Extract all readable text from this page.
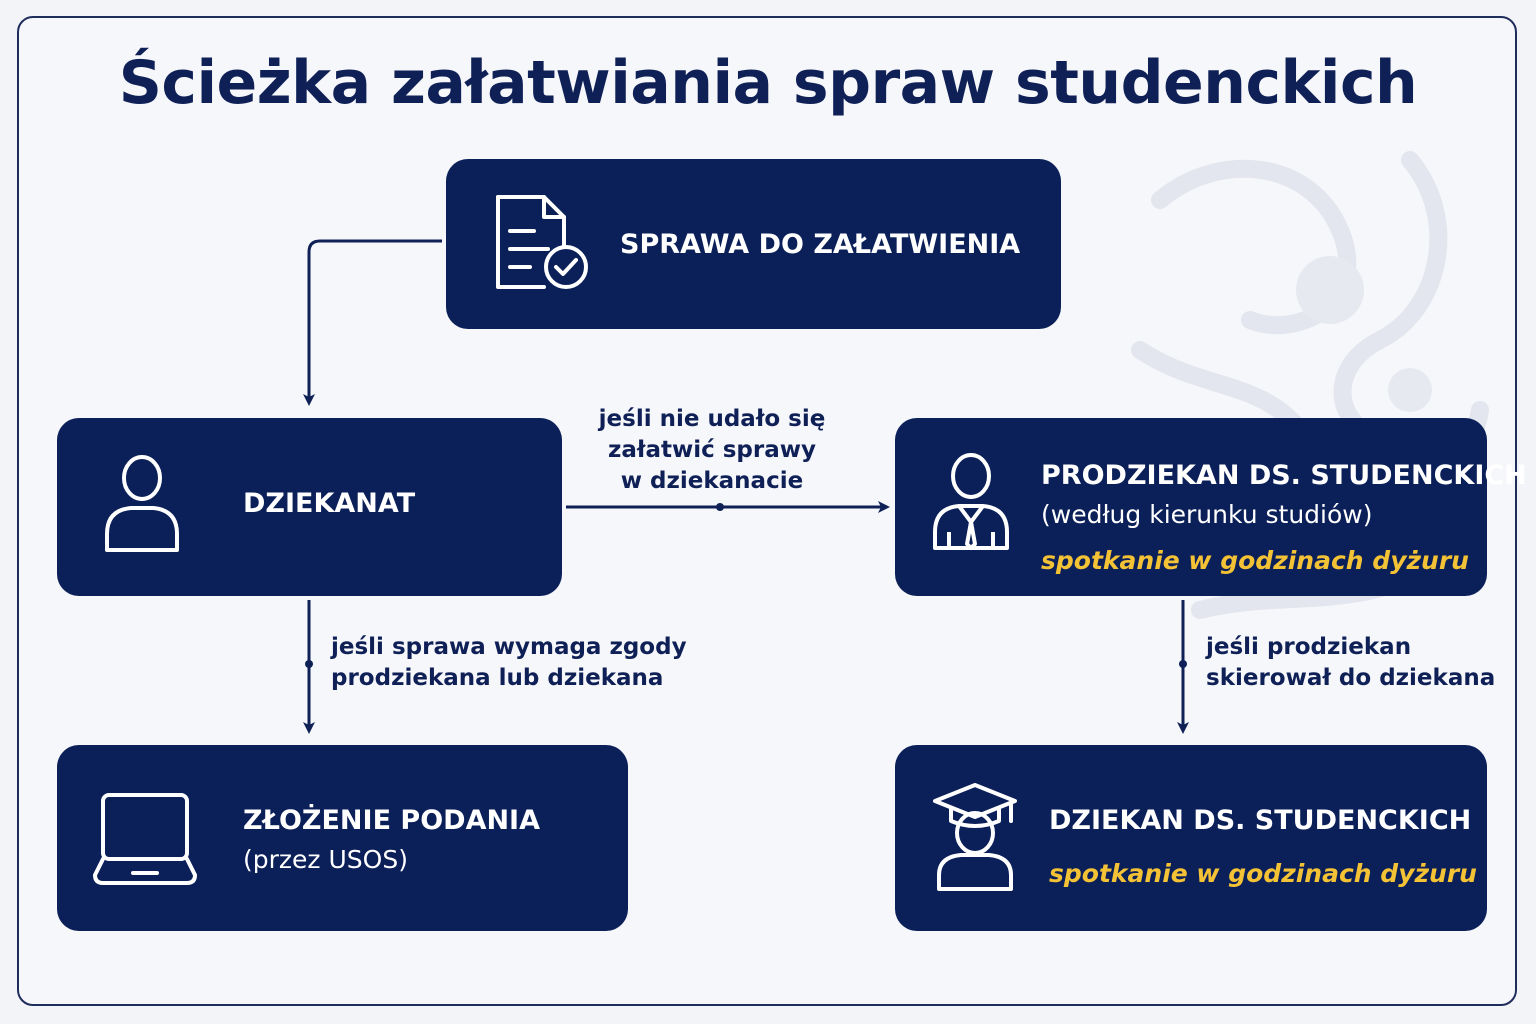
Ścieżka załatwiania spraw studenckich
SPRAWA DO ZAŁATWIENIA
DZIEKANAT
PRODZIEKAN DS. STUDENCKICH
(według kierunku studiów)
spotkanie w godzinach dyżuru
ZŁOŻENIE PODANIA
(przez USOS)
DZIEKAN DS. STUDENCKICH
spotkanie w godzinach dyżuru
jeśli nie udało się
załatwić sprawy
w dziekanacie
jeśli sprawa wymaga zgody
prodziekana lub dziekana
jeśli prodziekan
skierował do dziekana
